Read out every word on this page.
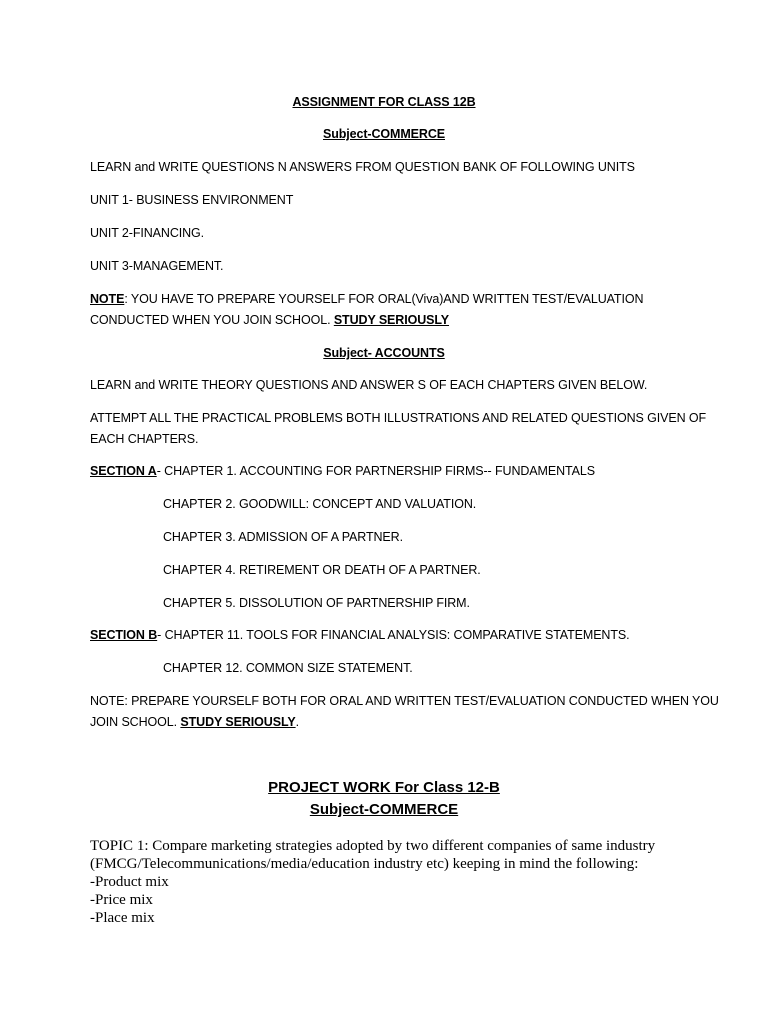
ASSIGNMENT FOR CLASS 12B
Subject-COMMERCE
LEARN and WRITE QUESTIONS N ANSWERS FROM QUESTION BANK OF FOLLOWING UNITS
UNIT 1- BUSINESS ENVIRONMENT
UNIT 2-FINANCING.
UNIT 3-MANAGEMENT.
NOTE: YOU HAVE TO PREPARE YOURSELF FOR ORAL(Viva)AND WRITTEN TEST/EVALUATION
CONDUCTED WHEN YOU JOIN SCHOOL. STUDY SERIOUSLY
Subject- ACCOUNTS
LEARN and WRITE THEORY QUESTIONS AND ANSWER S OF EACH CHAPTERS GIVEN BELOW.
ATTEMPT ALL THE PRACTICAL PROBLEMS BOTH ILLUSTRATIONS AND RELATED QUESTIONS GIVEN OF
EACH CHAPTERS.
SECTION A- CHAPTER 1. ACCOUNTING FOR PARTNERSHIP FIRMS-- FUNDAMENTALS
CHAPTER 2. GOODWILL: CONCEPT AND VALUATION.
CHAPTER 3. ADMISSION OF A PARTNER.
CHAPTER 4. RETIREMENT OR DEATH OF A PARTNER.
CHAPTER 5. DISSOLUTION OF PARTNERSHIP FIRM.
SECTION B- CHAPTER 11. TOOLS FOR FINANCIAL ANALYSIS: COMPARATIVE STATEMENTS.
CHAPTER 12. COMMON SIZE STATEMENT.
NOTE: PREPARE YOURSELF BOTH FOR ORAL AND WRITTEN TEST/EVALUATION CONDUCTED WHEN YOU
JOIN SCHOOL. STUDY SERIOUSLY.
PROJECT WORK For Class 12-B
Subject-COMMERCE
TOPIC 1: Compare marketing strategies adopted by two different companies of same industry
(FMCG/Telecommunications/media/education industry etc) keeping in mind the following:
-Product mix
-Price mix
-Place mix
